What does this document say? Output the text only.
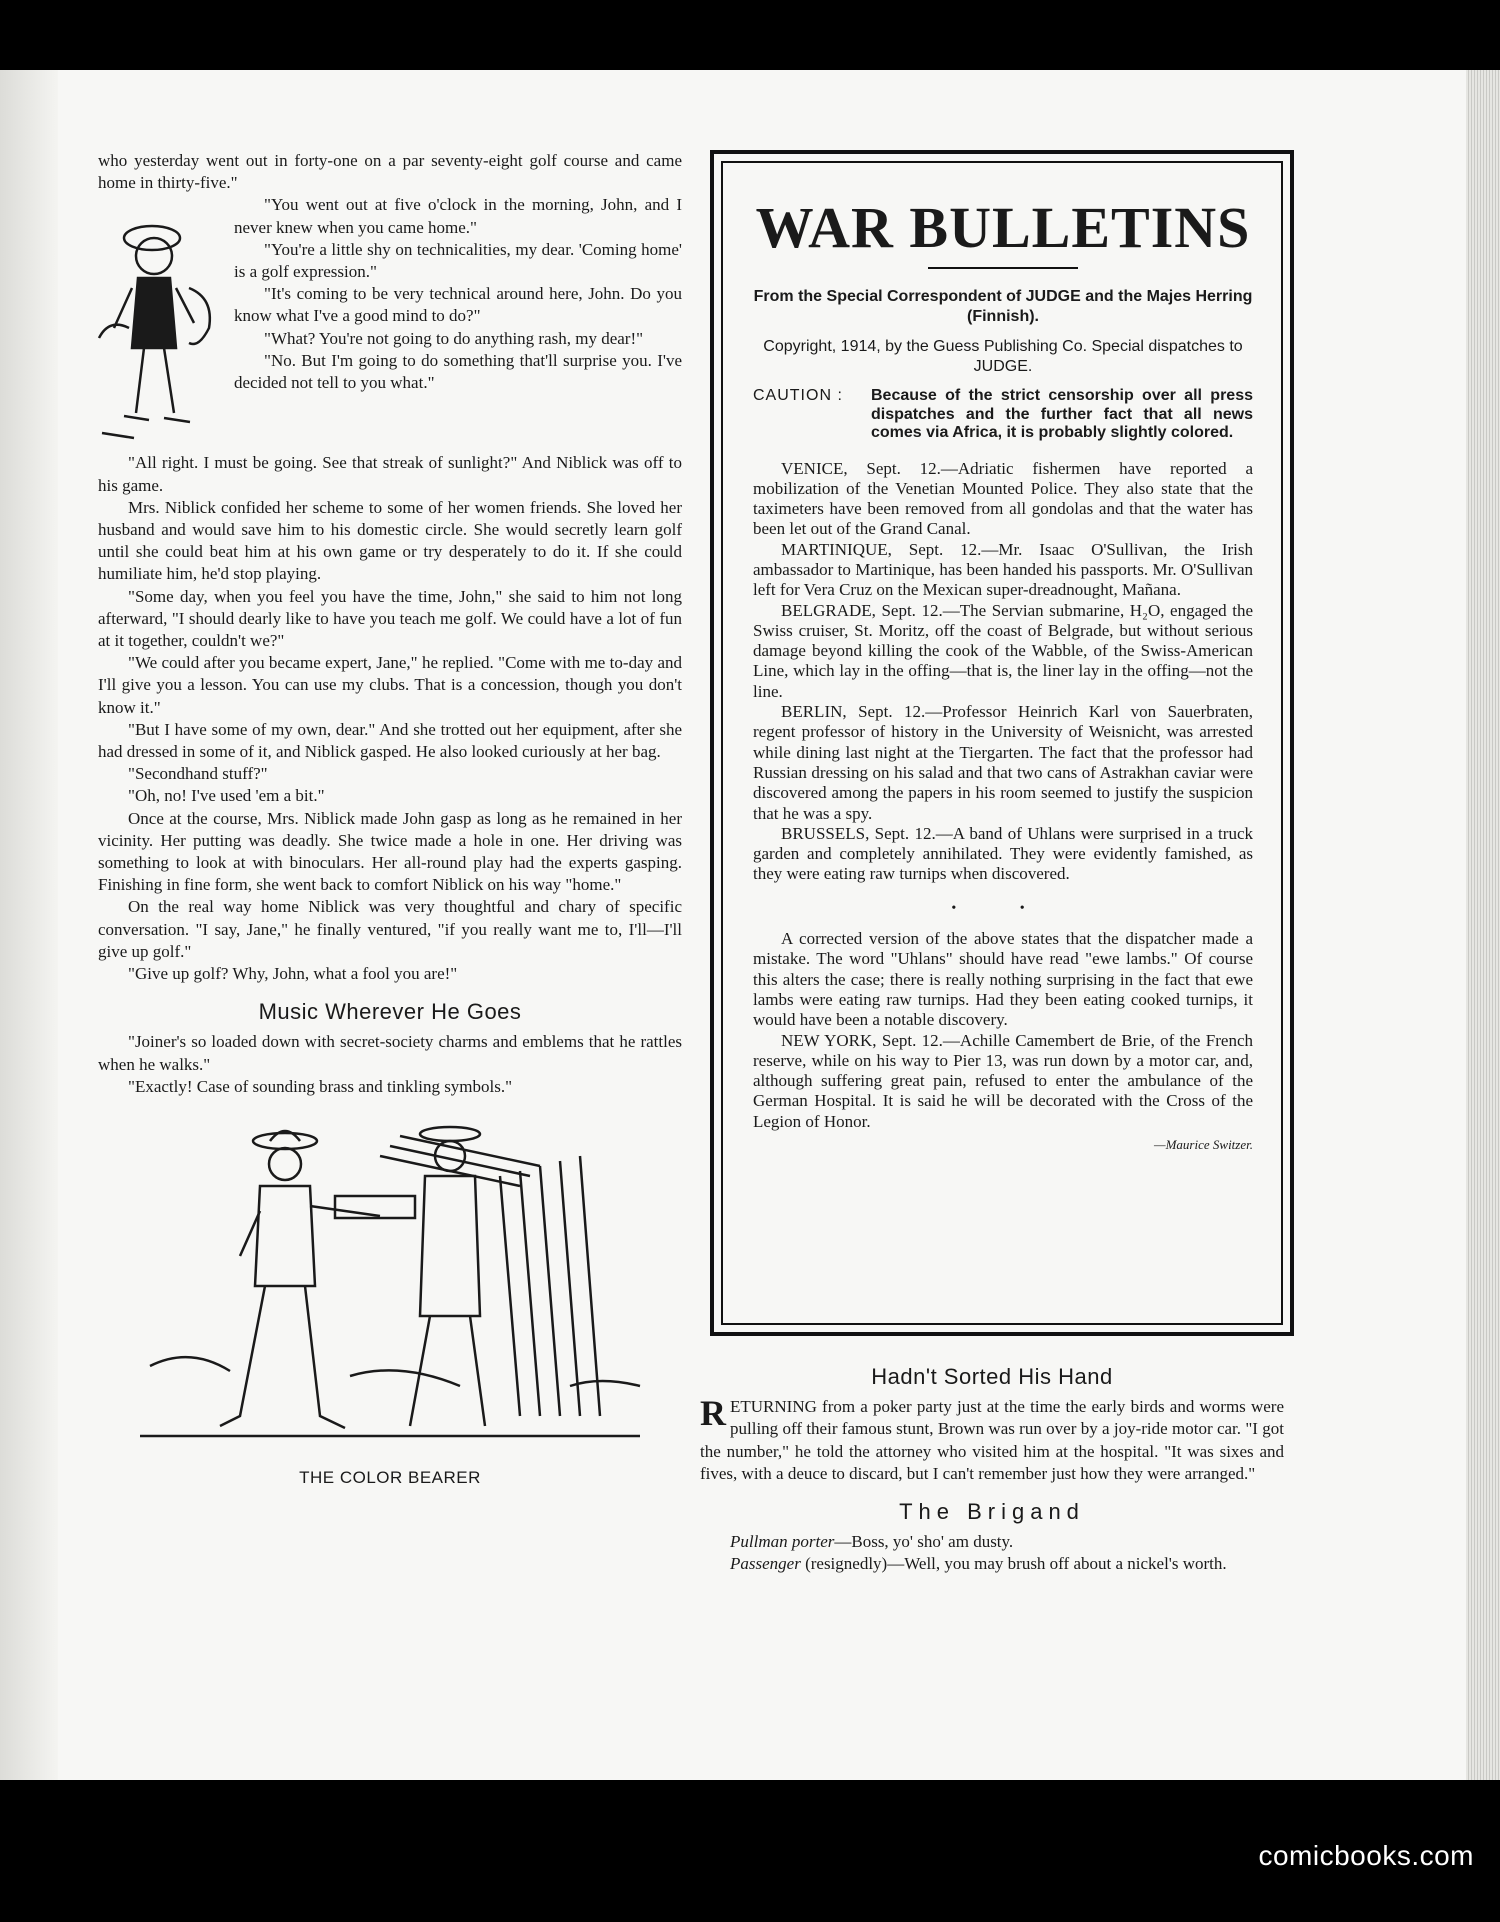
who yesterday went out in forty-one on a par seventy-eight golf course and came home in thirty-five."

"You went out at five o'clock in the morning, John, and I never knew when you came home."

"You're a little shy on technicalities, my dear. 'Coming home' is a golf expression."

"It's coming to be very technical around here, John. Do you know what I've a good mind to do?"

"What? You're not going to do anything rash, my dear!"

"No. But I'm going to do something that'll surprise you. I've decided not tell to you what."

"All right. I must be going. See that streak of sunlight?" And Niblick was off to his game.

Mrs. Niblick confided her scheme to some of her women friends. She loved her husband and would save him to his domestic circle. She would secretly learn golf until she could beat him at his own game or try desperately to do it. If she could humiliate him, he'd stop playing.

"Some day, when you feel you have the time, John," she said to him not long afterward, "I should dearly like to have you teach me golf. We could have a lot of fun at it together, couldn't we?"

"We could after you became expert, Jane," he replied. "Come with me to-day and I'll give you a lesson. You can use my clubs. That is a concession, though you don't know it."

"But I have some of my own, dear." And she trotted out her equipment, after she had dressed in some of it, and Niblick gasped. He also looked curiously at her bag.

"Secondhand stuff?"

"Oh, no! I've used 'em a bit."

Once at the course, Mrs. Niblick made John gasp as long as he remained in her vicinity. Her putting was deadly. She twice made a hole in one. Her driving was something to look at with binoculars. Her all-round play had the experts gasping. Finishing in fine form, she went back to comfort Niblick on his way "home."

On the real way home Niblick was very thoughtful and chary of specific conversation. "I say, Jane," he finally ventured, "if you really want me to, I'll—I'll give up golf."

"Give up golf? Why, John, what a fool you are!"

Music Wherever He Goes

"Joiner's so loaded down with secret-society charms and emblems that he rattles when he walks."

"Exactly! Case of sounding brass and tinkling symbols."

THE COLOR BEARER
WAR BULLETINS
From the Special Correspondent of JUDGE and the Majes Herring (Finnish).
Copyright, 1914, by the Guess Publishing Co. Special dispatches to JUDGE.
CAUTION :	Because of the strict censorship over all press dispatches and the further fact that all news comes via Africa, it is probably slightly colored.

VENICE, Sept. 12.—Adriatic fishermen have reported a mobilization of the Venetian Mounted Police. They also state that the taximeters have been removed from all gondolas and that the water has been let out of the Grand Canal.

MARTINIQUE, Sept. 12.—Mr. Isaac O'Sullivan, the Irish ambassador to Martinique, has been handed his passports. Mr. O'Sullivan left for Vera Cruz on the Mexican super-dreadnought, Mañana.

BELGRADE, Sept. 12.—The Servian submarine, H₂O, engaged the Swiss cruiser, St. Moritz, off the coast of Belgrade, but without serious damage beyond killing the cook of the Wabble, of the Swiss-American Line, which lay in the offing—that is, the liner lay in the offing—not the line.

BERLIN, Sept. 12.—Professor Heinrich Karl von Sauerbraten, regent professor of history in the University of Weisnicht, was arrested while dining last night at the Tiergarten. The fact that the professor had Russian dressing on his salad and that two cans of Astrakhan caviar were discovered among the papers in his room seemed to justify the suspicion that he was a spy.

BRUSSELS, Sept. 12.—A band of Uhlans were surprised in a truck garden and completely annihilated. They were evidently famished, as they were eating raw turnips when discovered.

• •

A corrected version of the above states that the dispatcher made a mistake. The word "Uhlans" should have read "ewe lambs." Of course this alters the case; there is really nothing surprising in the fact that ewe lambs were eating raw turnips. Had they been eating cooked turnips, it would have been a notable discovery.

NEW YORK, Sept. 12.—Achille Camembert de Brie, of the French reserve, while on his way to Pier 13, was run down by a motor car, and, although suffering great pain, refused to enter the ambulance of the German Hospital. It is said he will be decorated with the Cross of the Legion of Honor.

—Maurice Switzer.
Hadn't Sorted His Hand

RETURNING from a poker party just at the time the early birds and worms were pulling off their famous stunt, Brown was run over by a joy-ride motor car. "I got the number," he told the attorney who visited him at the hospital. "It was sixes and fives, with a deuce to discard, but I can't remember just how they were arranged."

The Brigand

Pullman porter—Boss, yo' sho' am dusty.

Passenger (resignedly)—Well, you may brush off about a nickel's worth.

comicbooks.com
